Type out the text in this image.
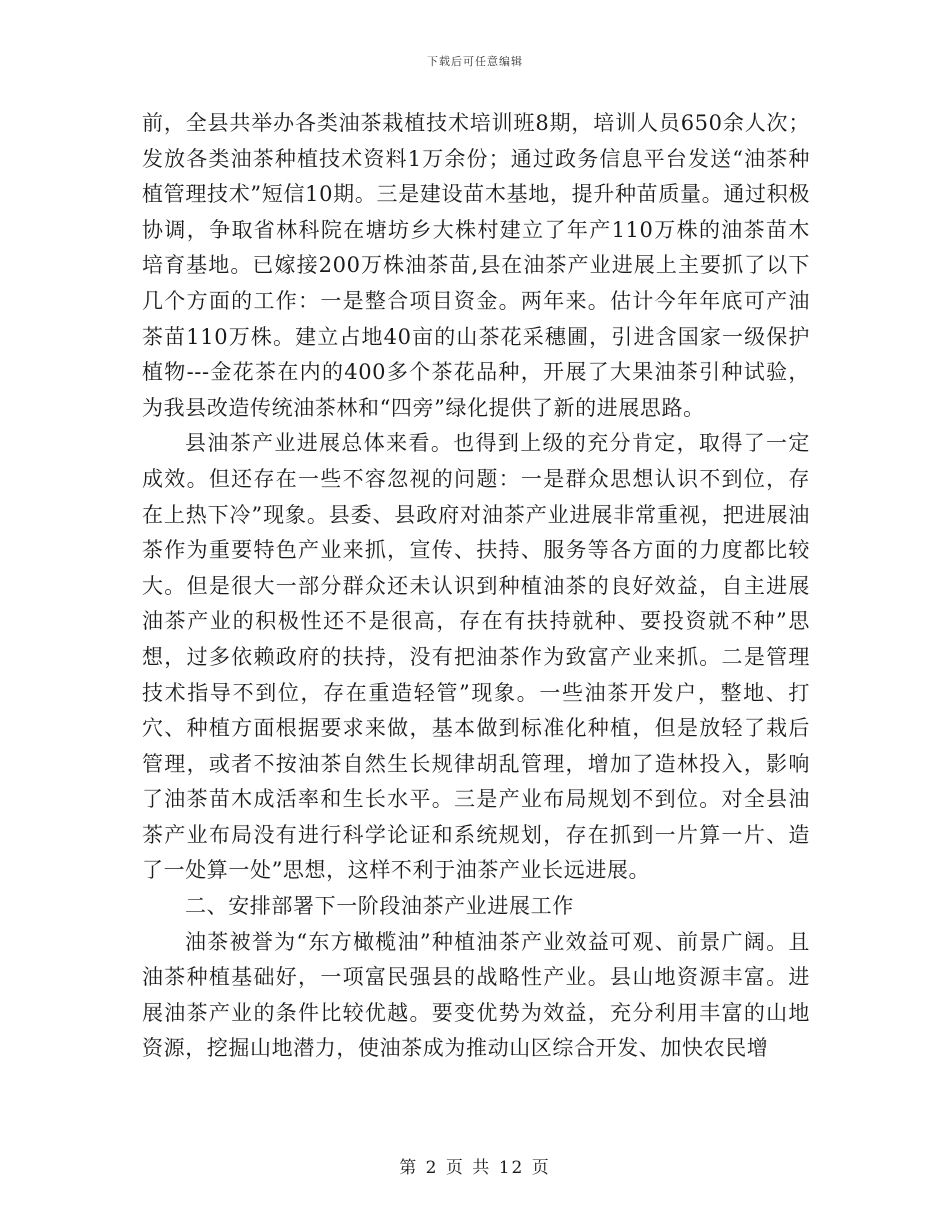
下载后可任意编辑

前，全县共举办各类油茶栽植技术培训班8期，培训人员650余人次；发放各类油茶种植技术资料1万余份；通过政务信息平台发送“油茶种植管理技术”短信10期。三是建设苗木基地，提升种苗质量。通过积极协调，争取省林科院在塘坊乡大株村建立了年产110万株的油茶苗木培育基地。已嫁接200万株油茶苗,县在油茶产业进展上主要抓了以下几个方面的工作：一是整合项目资金。两年来。估计今年年底可产油茶苗110万株。建立占地40亩的山茶花采穗圃，引进含国家一级保护植物---金花茶在内的400多个茶花品种，开展了大果油茶引种试验，为我县改造传统油茶林和“四旁”绿化提供了新的进展思路。

县油茶产业进展总体来看。也得到上级的充分肯定，取得了一定成效。但还存在一些不容忽视的问题：一是群众思想认识不到位，存在上热下冷”现象。县委、县政府对油茶产业进展非常重视，把进展油茶作为重要特色产业来抓，宣传、扶持、服务等各方面的力度都比较大。但是很大一部分群众还未认识到种植油茶的良好效益，自主进展油茶产业的积极性还不是很高，存在有扶持就种、要投资就不种”思想，过多依赖政府的扶持，没有把油茶作为致富产业来抓。二是管理技术指导不到位，存在重造轻管”现象。一些油茶开发户，整地、打穴、种植方面根据要求来做，基本做到标准化种植，但是放轻了栽后管理，或者不按油茶自然生长规律胡乱管理，增加了造林投入，影响了油茶苗木成活率和生长水平。三是产业布局规划不到位。对全县油茶产业布局没有进行科学论证和系统规划，存在抓到一片算一片、造了一处算一处”思想，这样不利于油茶产业长远进展。

二、安排部署下一阶段油茶产业进展工作

油茶被誉为“东方橄榄油”种植油茶产业效益可观、前景广阔。且油茶种植基础好，一项富民强县的战略性产业。县山地资源丰富。进展油茶产业的条件比较优越。要变优势为效益，充分利用丰富的山地资源，挖掘山地潜力，使油茶成为推动山区综合开发、加快农民增

第 2 页 共 12 页
